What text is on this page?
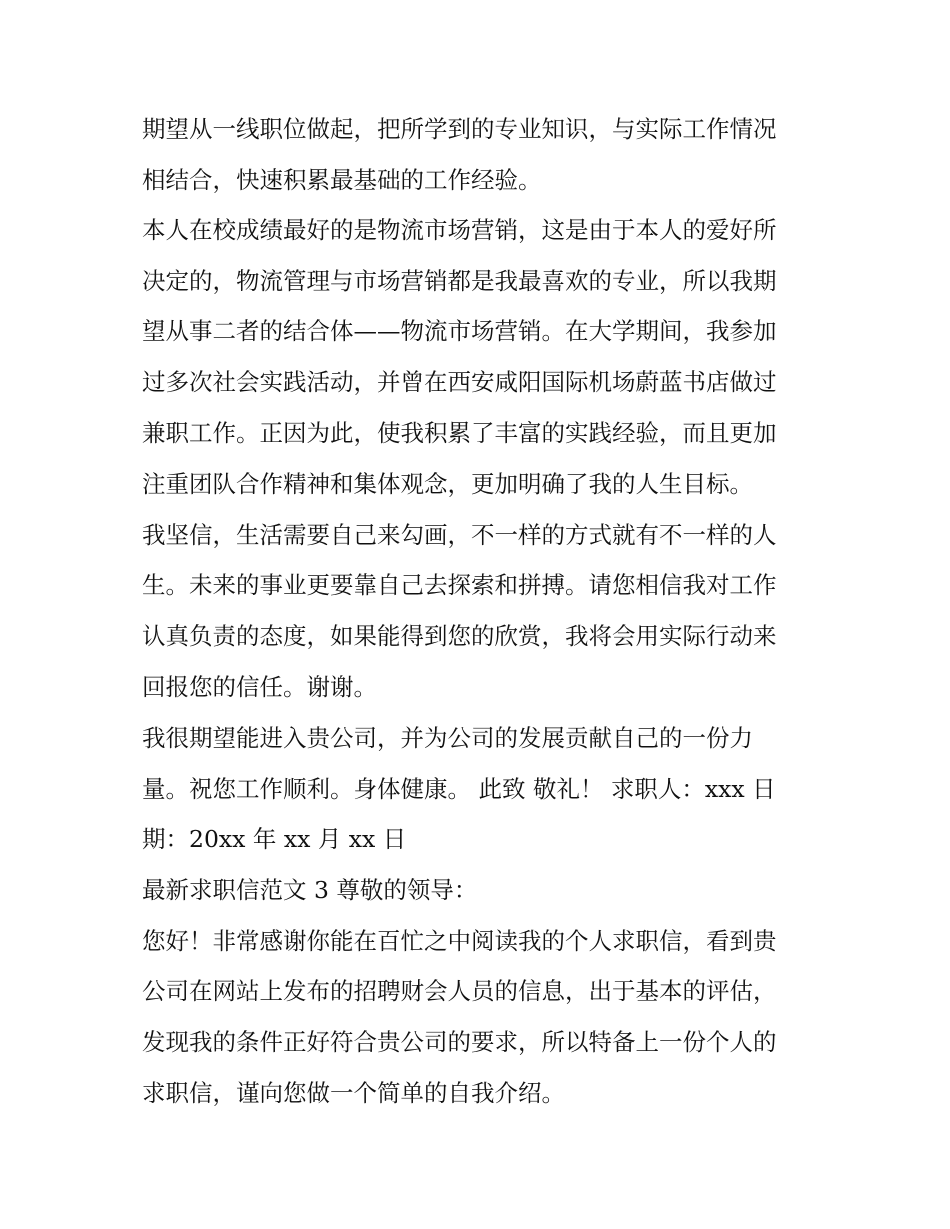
期望从一线职位做起，把所学到的专业知识，与实际工作情况
相结合，快速积累最基础的工作经验。
本人在校成绩最好的是物流市场营销，这是由于本人的爱好所
决定的，物流管理与市场营销都是我最喜欢的专业，所以我期
望从事二者的结合体——物流市场营销。在大学期间，我参加
过多次社会实践活动，并曾在西安咸阳国际机场蔚蓝书店做过
兼职工作。正因为此，使我积累了丰富的实践经验，而且更加
注重团队合作精神和集体观念，更加明确了我的人生目标。
我坚信，生活需要自己来勾画，不一样的方式就有不一样的人
生。未来的事业更要靠自己去探索和拼搏。请您相信我对工作
认真负责的态度，如果能得到您的欣赏，我将会用实际行动来
回报您的信任。谢谢。
我很期望能进入贵公司，并为公司的发展贡献自己的一份力
量。祝您工作顺利。身体健康。 此致 敬礼！ 求职人：xxx 日
期：20xx 年 xx 月 xx 日
最新求职信范文 3 尊敬的领导：
您好！非常感谢你能在百忙之中阅读我的个人求职信，看到贵
公司在网站上发布的招聘财会人员的信息，出于基本的评估，
发现我的条件正好符合贵公司的要求，所以特备上一份个人的
求职信，谨向您做一个简单的自我介绍。
